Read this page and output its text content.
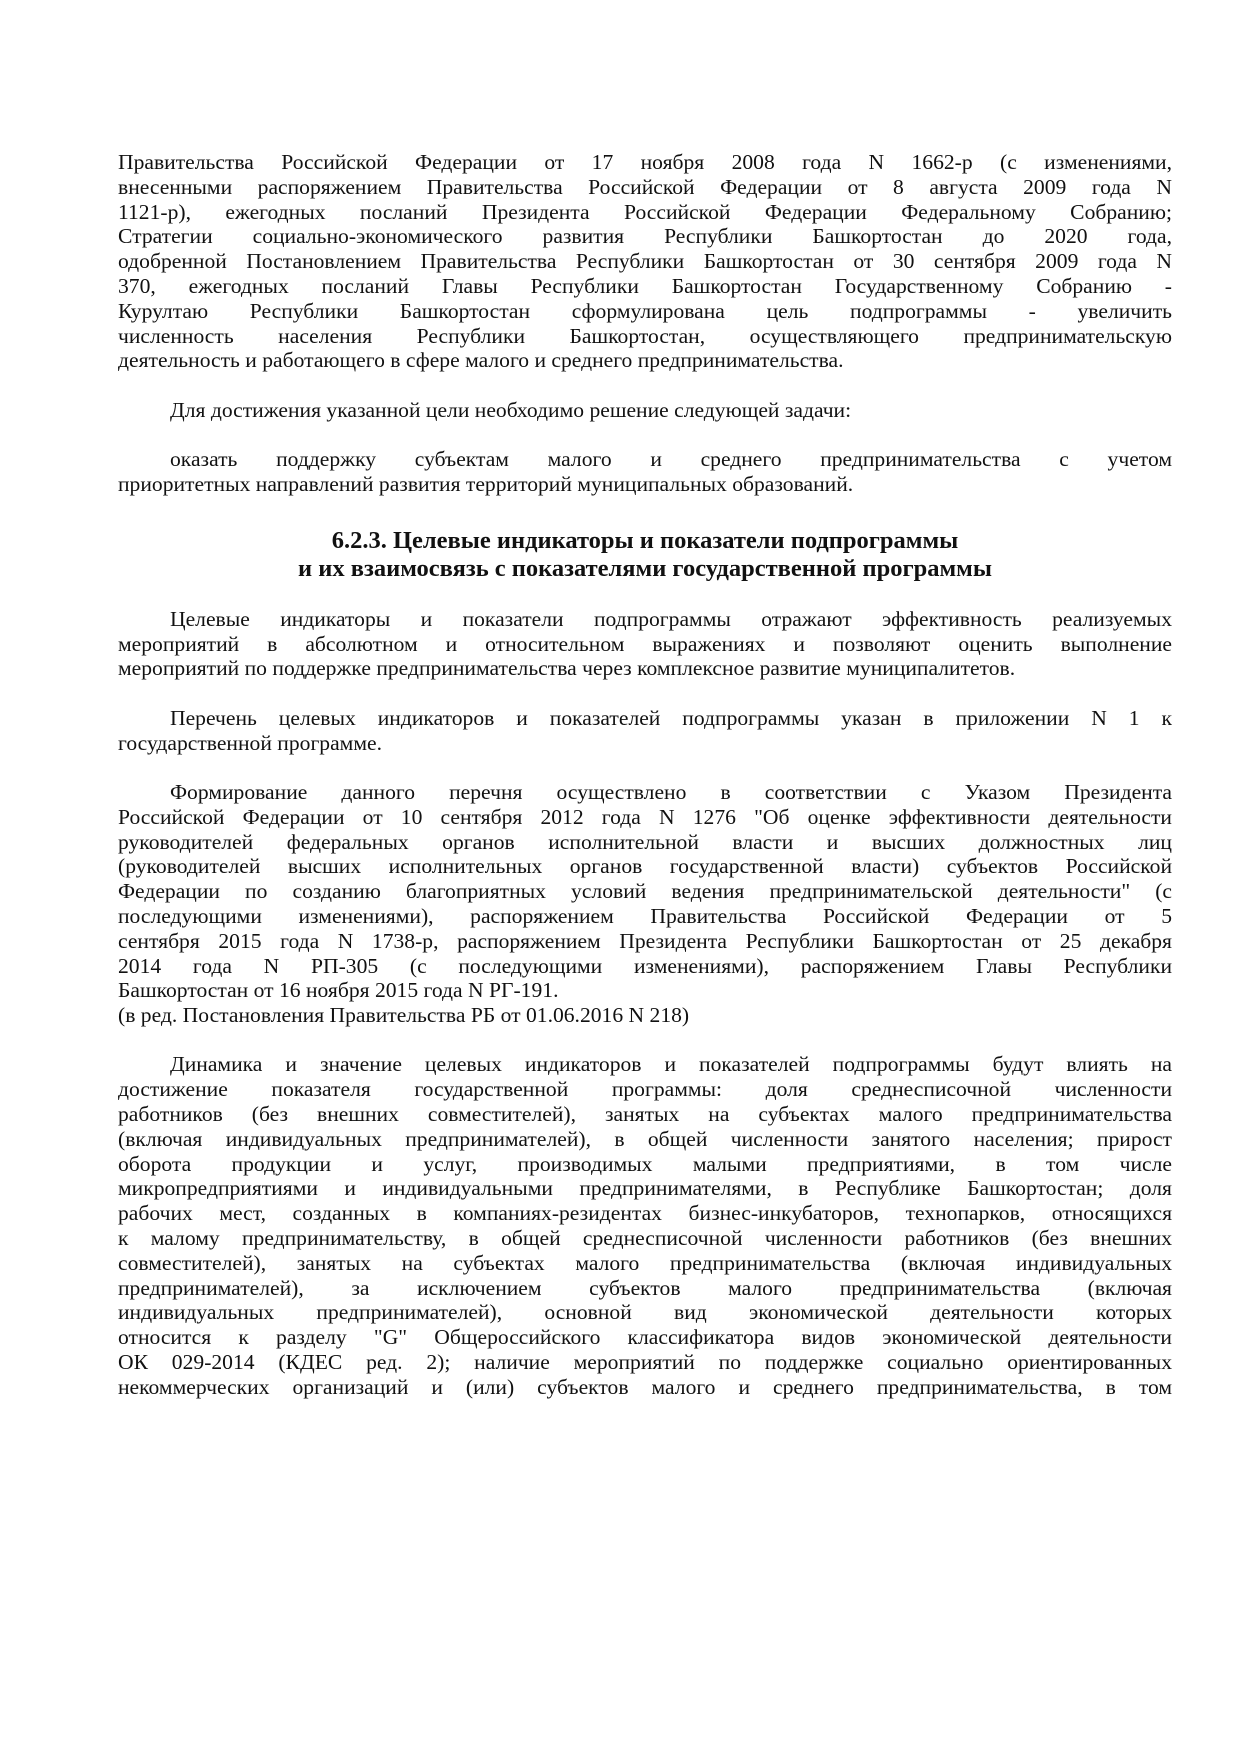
Правительства Российской Федерации от 17 ноября 2008 года N 1662-р (с изменениями,
внесенными распоряжением Правительства Российской Федерации от 8 августа 2009 года N
1121-р), ежегодных посланий Президента Российской Федерации Федеральному Собранию;
Стратегии социально-экономического развития Республики Башкортостан до 2020 года,
одобренной Постановлением Правительства Республики Башкортостан от 30 сентября 2009 года N
370, ежегодных посланий Главы Республики Башкортостан Государственному Собранию -
Курултаю Республики Башкортостан сформулирована цель подпрограммы - увеличить
численность населения Республики Башкортостан, осуществляющего предпринимательскую
деятельность и работающего в сфере малого и среднего предпринимательства.
Для достижения указанной цели необходимо решение следующей задачи:
оказать поддержку субъектам малого и среднего предпринимательства с учетом
приоритетных направлений развития территорий муниципальных образований.
6.2.3. Целевые индикаторы и показатели подпрограммы
и их взаимосвязь с показателями государственной программы
Целевые индикаторы и показатели подпрограммы отражают эффективность реализуемых
мероприятий в абсолютном и относительном выражениях и позволяют оценить выполнение
мероприятий по поддержке предпринимательства через комплексное развитие муниципалитетов.
Перечень целевых индикаторов и показателей подпрограммы указан в приложении N 1 к
государственной программе.
Формирование данного перечня осуществлено в соответствии с Указом Президента
Российской Федерации от 10 сентября 2012 года N 1276 "Об оценке эффективности деятельности
руководителей федеральных органов исполнительной власти и высших должностных лиц
(руководителей высших исполнительных органов государственной власти) субъектов Российской
Федерации по созданию благоприятных условий ведения предпринимательской деятельности" (с
последующими изменениями), распоряжением Правительства Российской Федерации от 5
сентября 2015 года N 1738-р, распоряжением Президента Республики Башкортостан от 25 декабря
2014 года N РП-305 (с последующими изменениями), распоряжением Главы Республики
Башкортостан от 16 ноября 2015 года N РГ-191.
(в ред. Постановления Правительства РБ от 01.06.2016 N 218)
Динамика и значение целевых индикаторов и показателей подпрограммы будут влиять на
достижение показателя государственной программы: доля среднесписочной численности
работников (без внешних совместителей), занятых на субъектах малого предпринимательства
(включая индивидуальных предпринимателей), в общей численности занятого населения; прирост
оборота продукции и услуг, производимых малыми предприятиями, в том числе
микропредприятиями и индивидуальными предпринимателями, в Республике Башкортостан; доля
рабочих мест, созданных в компаниях-резидентах бизнес-инкубаторов, технопарков, относящихся
к малому предпринимательству, в общей среднесписочной численности работников (без внешних
совместителей), занятых на субъектах малого предпринимательства (включая индивидуальных
предпринимателей), за исключением субъектов малого предпринимательства (включая
индивидуальных предпринимателей), основной вид экономической деятельности которых
относится к разделу "G" Общероссийского классификатора видов экономической деятельности
ОК 029-2014 (КДЕС ред. 2); наличие мероприятий по поддержке социально ориентированных
некоммерческих организаций и (или) субъектов малого и среднего предпринимательства, в том
